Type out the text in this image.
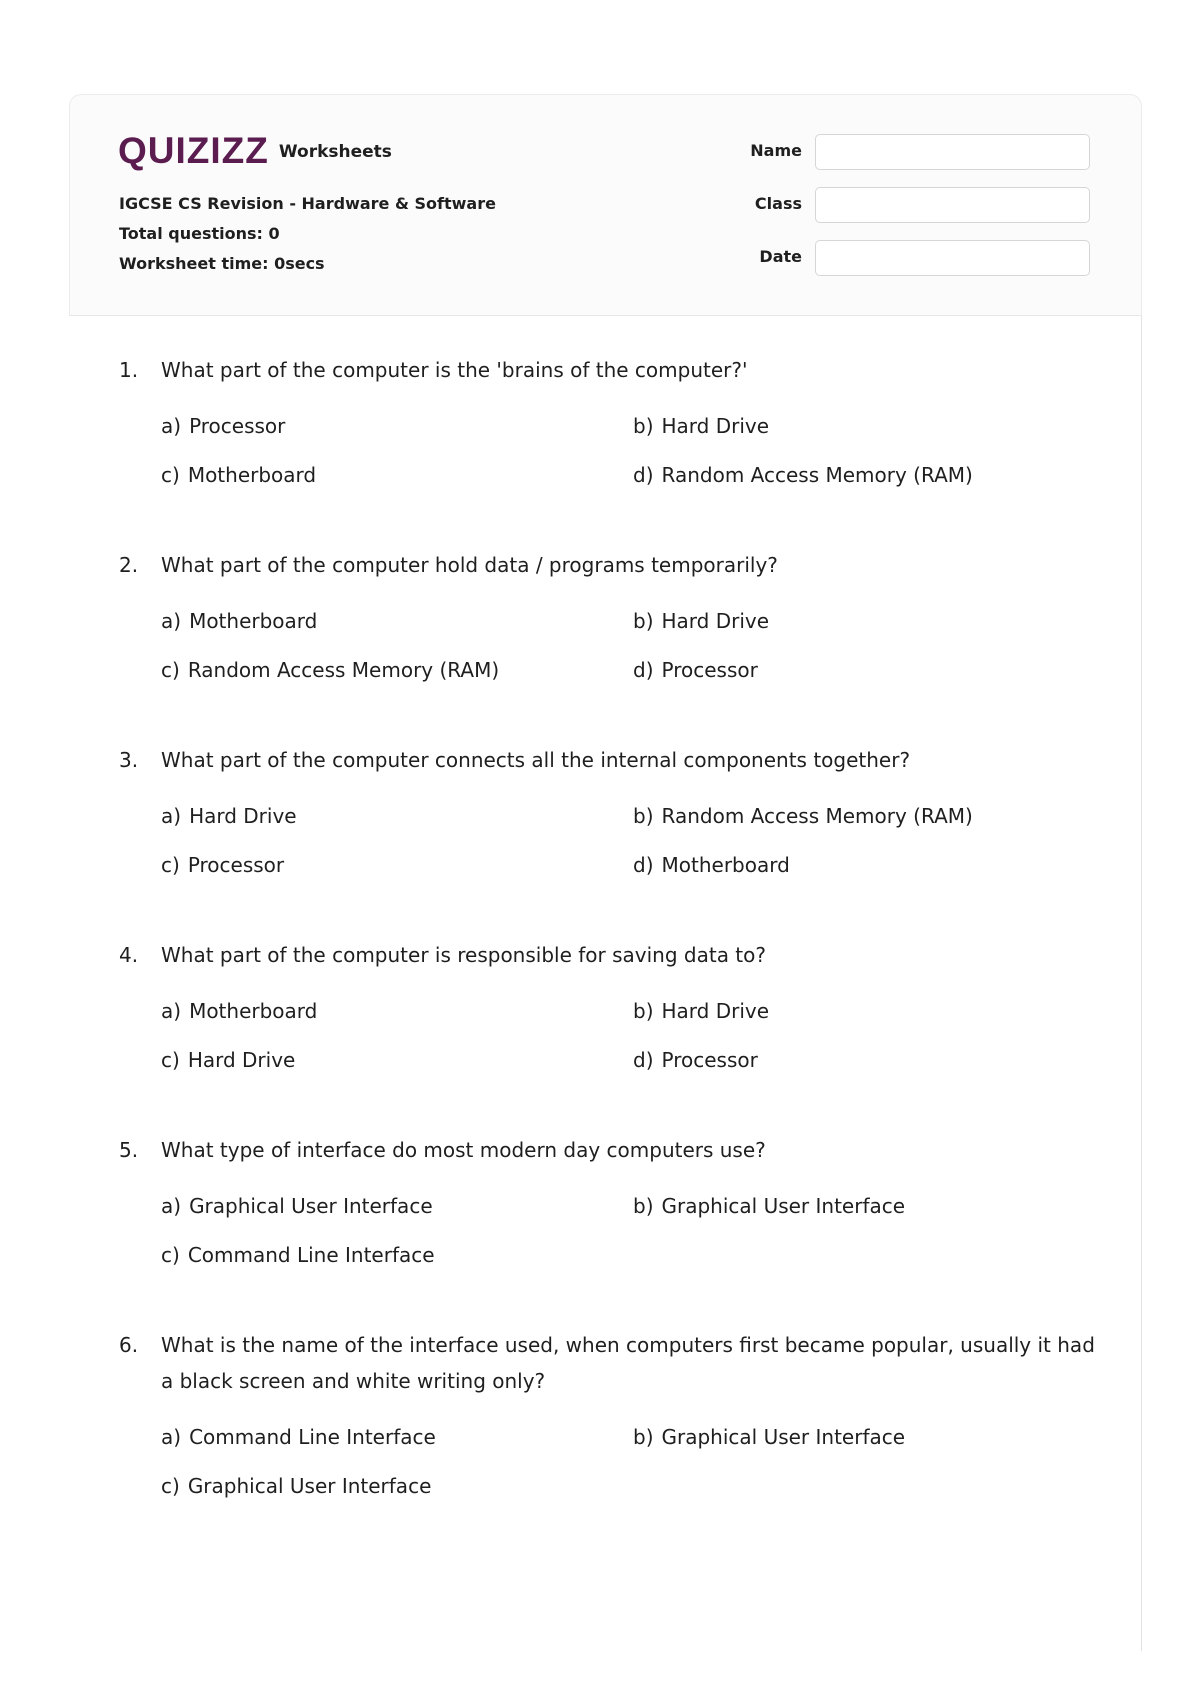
QUIZIZZ Worksheets
IGCSE CS Revision - Hardware & Software
Total questions: 0
Worksheet time: 0secs
Name
Class
Date
1.	What part of the computer is the 'brains of the computer?'
a) Processor	b) Hard Drive
c) Motherboard	d) Random Access Memory (RAM)
2.	What part of the computer hold data / programs temporarily?
a) Motherboard	b) Hard Drive
c) Random Access Memory (RAM)	d) Processor
3.	What part of the computer connects all the internal components together?
a) Hard Drive	b) Random Access Memory (RAM)
c) Processor	d) Motherboard
4.	What part of the computer is responsible for saving data to?
a) Motherboard	b) Hard Drive
c) Hard Drive	d) Processor
5.	What type of interface do most modern day computers use?
a) Graphical User Interface	b) Graphical User Interface
c) Command Line Interface
6.	What is the name of the interface used, when computers first became popular, usually it had a black screen and white writing only?
a) Command Line Interface	b) Graphical User Interface
c) Graphical User Interface
